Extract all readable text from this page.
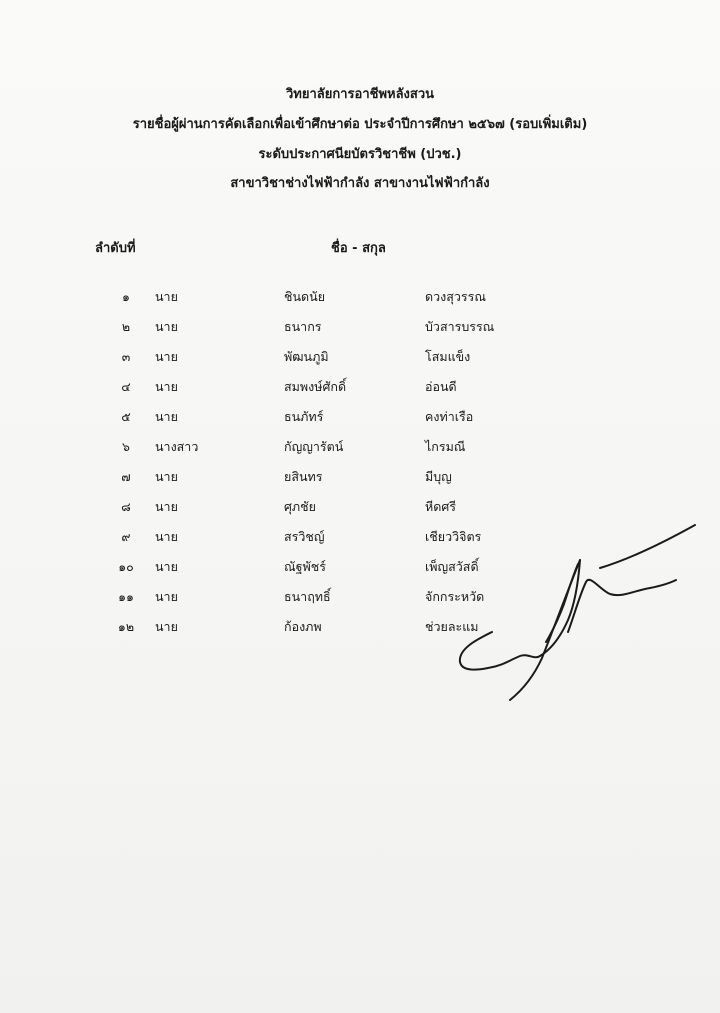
วิทยาลัยการอาชีพหลังสวน
รายชื่อผู้ผ่านการคัดเลือกเพื่อเข้าศึกษาต่อ ประจำปีการศึกษา ๒๕๖๗ (รอบเพิ่มเติม)
ระดับประกาศนียบัตรวิชาชีพ (ปวช.)
สาขาวิชาช่างไฟฟ้ากำลัง สาขางานไฟฟ้ากำลัง
ลำดับที่	ชื่อ - สกุล
๑	นาย	ชินดนัย	ดวงสุวรรณ
๒	นาย	ธนากร	บัวสารบรรณ
๓	นาย	พัฒนภูมิ	โสมแข็ง
๔	นาย	สมพงษ์ศักดิ์	อ่อนดี
๕	นาย	ธนภัทร์	คงท่าเรือ
๖	นางสาว	กัญญารัตน์	ไกรมณี
๗	นาย	ยสินทร	มีบุญ
๘	นาย	ศุภชัย	หีดศรี
๙	นาย	สรวิชญ์	เชียววิจิตร
๑๐	นาย	ณัฐพัชร์	เพ็ญสวัสดิ์
๑๑	นาย	ธนาฤทธิ์	จักกระหวัด
๑๒	นาย	ก้องภพ	ช่วยละแม
